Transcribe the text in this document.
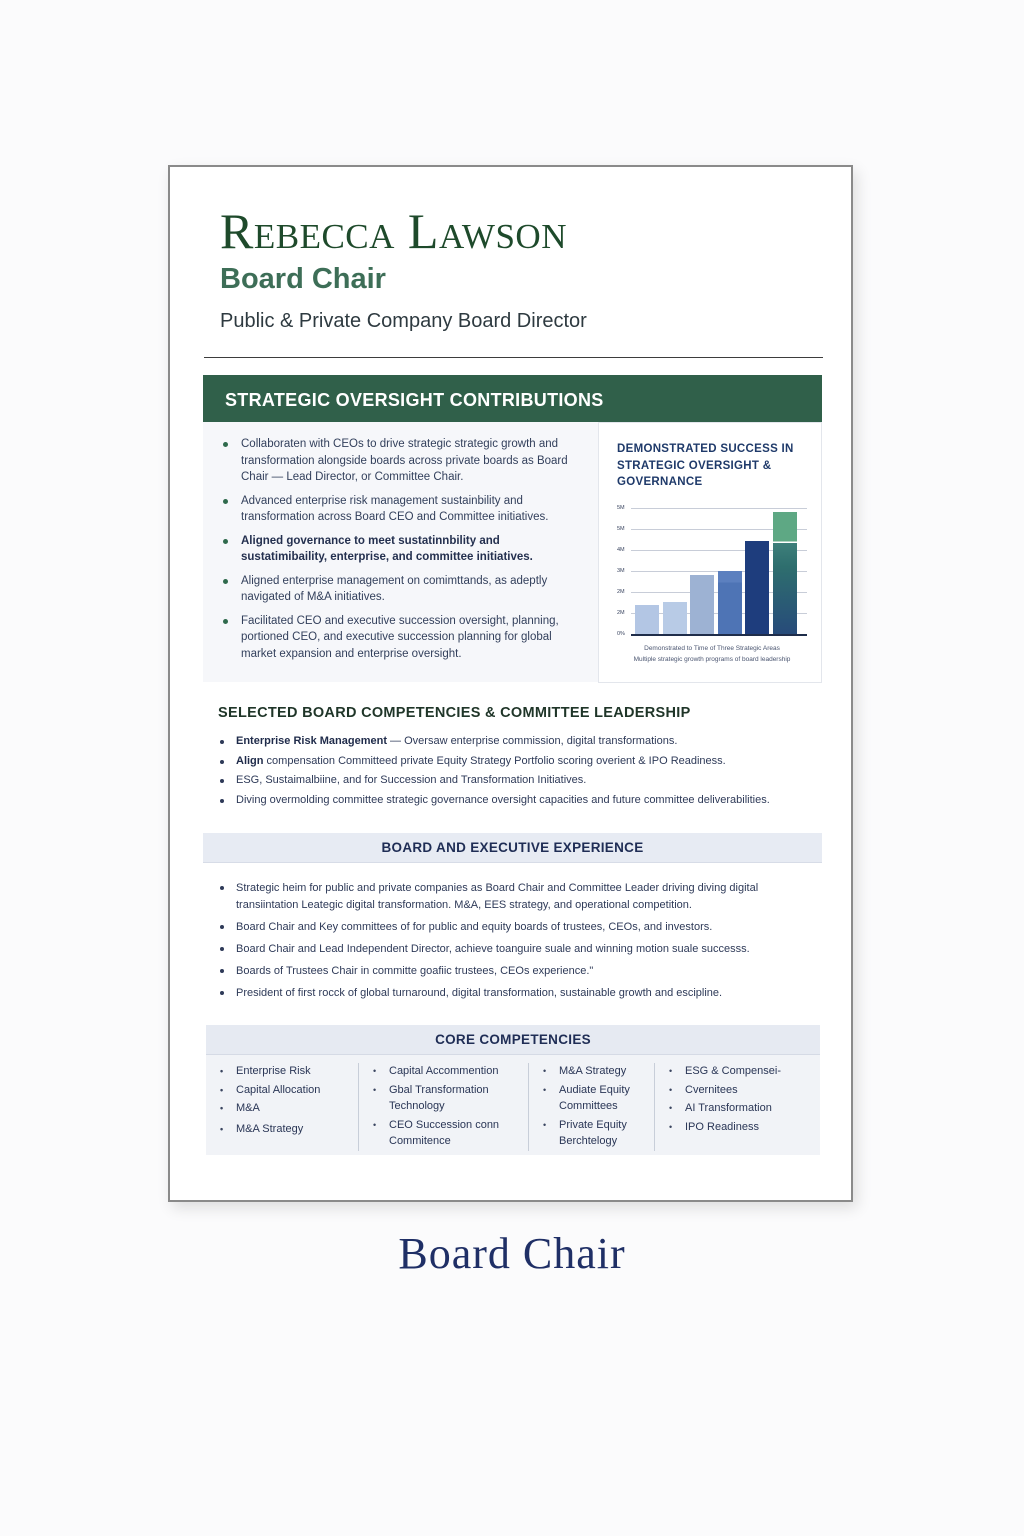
Rebecca Lawson
Board Chair
Public & Private Company Board Director
STRATEGIC OVERSIGHT CONTRIBUTIONS
Collaboraten with CEOs to drive strategic strategic growth and transformation alongside boards across private boards as Board Chair — Lead Director, or Committee Chair.
Advanced enterprise risk management sustainbility and transformation across Board CEO and Committee initiatives.
Aligned governance to meet sustatinnbility and sustatimibaility, enterprise, and committee initiatives.
Aligned enterprise management on comimttands, as adeptly navigated of M&A initiatives.
Facilitated CEO and executive succession oversight, planning, portioned CEO, and executive succession planning for global market expansion and enterprise oversight.
DEMONSTRATED SUCCESS IN STRATEGIC OVERSIGHT & GOVERNANCE
5M
5M
4M
3M
2M
2M
0%
Demonstrated to Time of Three Strategic Areas
Multiple strategic growth programs of board leadership
SELECTED BOARD COMPETENCIES & COMMITTEE LEADERSHIP
Enterprise Risk Management — Oversaw enterprise commission, digital transformations.
Align compensation Committeed private Equity Strategy Portfolio scoring overient & IPO Readiness.
ESG, Sustaimalbiine, and for Succession and Transformation Initiatives.
Diving overmolding committee strategic governance oversight capacities and future committee deliverabilities.
BOARD AND EXECUTIVE EXPERIENCE
Strategic heim for public and private companies as Board Chair and Committee Leader driving diving digital transiintation Leategic digital transformation. M&A, EES strategy, and operational competition.
Board Chair and Key committees of for public and equity boards of trustees, CEOs, and investors.
Board Chair and Lead Independent Director, achieve toanguire suale and winning motion suale successs.
Boards of Trustees Chair in committe goafiic trustees, CEOs experience."
President of first rocck of global turnaround, digital transformation, sustainable growth and escipline.
CORE COMPETENCIES
• Enterprise Risk
• Capital Allocation
• M&A
• M&A Strategy
• Capital Accommention
• Gbal Transformation Technology
• CEO Succession conn Commitence
• M&A Strategy
• Audiate Equity Committees
• Private Equity Berchtelogy
• ESG & Compensei-
• Cvernitees
• AI Transformation
• IPO Readiness
Board Chair
